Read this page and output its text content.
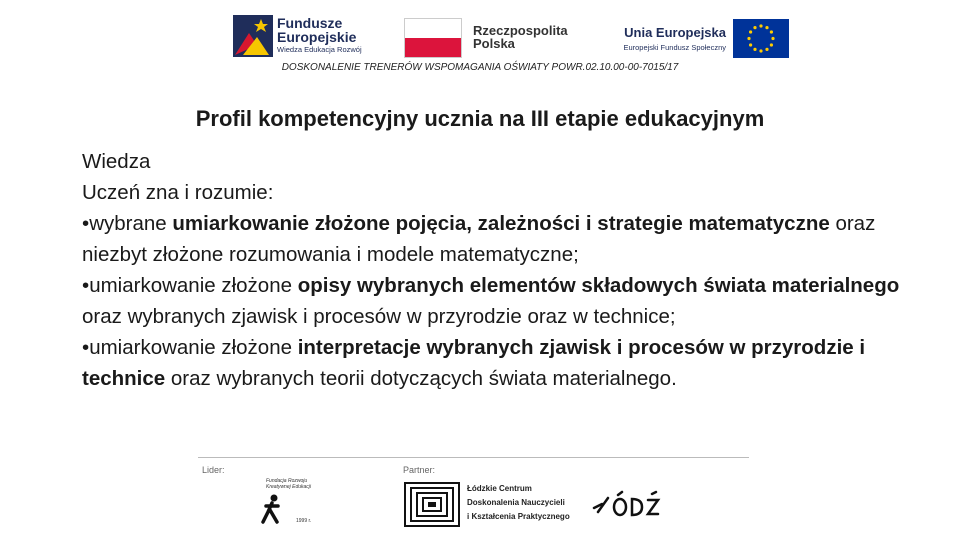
Fundusze
Europejskie
Wiedza Edukacja Rozwój
Rzeczpospolita
Polska
Unia Europejska
Europejski Fundusz Społeczny
DOSKONALENIE TRENERÓW WSPOMAGANIA OŚWIATY POWR.02.10.00-00-7015/17
Profil kompetencyjny ucznia na III etapie edukacyjnym

Wiedza

Uczeń zna i rozumie:

•wybrane umiarkowanie złożone pojęcia, zależności i strategie matematyczne oraz niezbyt złożone rozumowania i modele matematyczne;

•umiarkowanie złożone opisy wybranych elementów składowych świata materialnego oraz wybranych zjawisk i procesów w przyrodzie oraz w technice;

•umiarkowanie złożone interpretacje wybranych zjawisk i procesów w przyrodzie i technice oraz wybranych teorii dotyczących świata materialnego.

Lider:	Partner:
Fundacja Rozwoju Kreatywnej Edukacji
1999 r.
Łódzkie Centrum
Doskonalenia Nauczycieli
i Kształcenia Praktycznego
